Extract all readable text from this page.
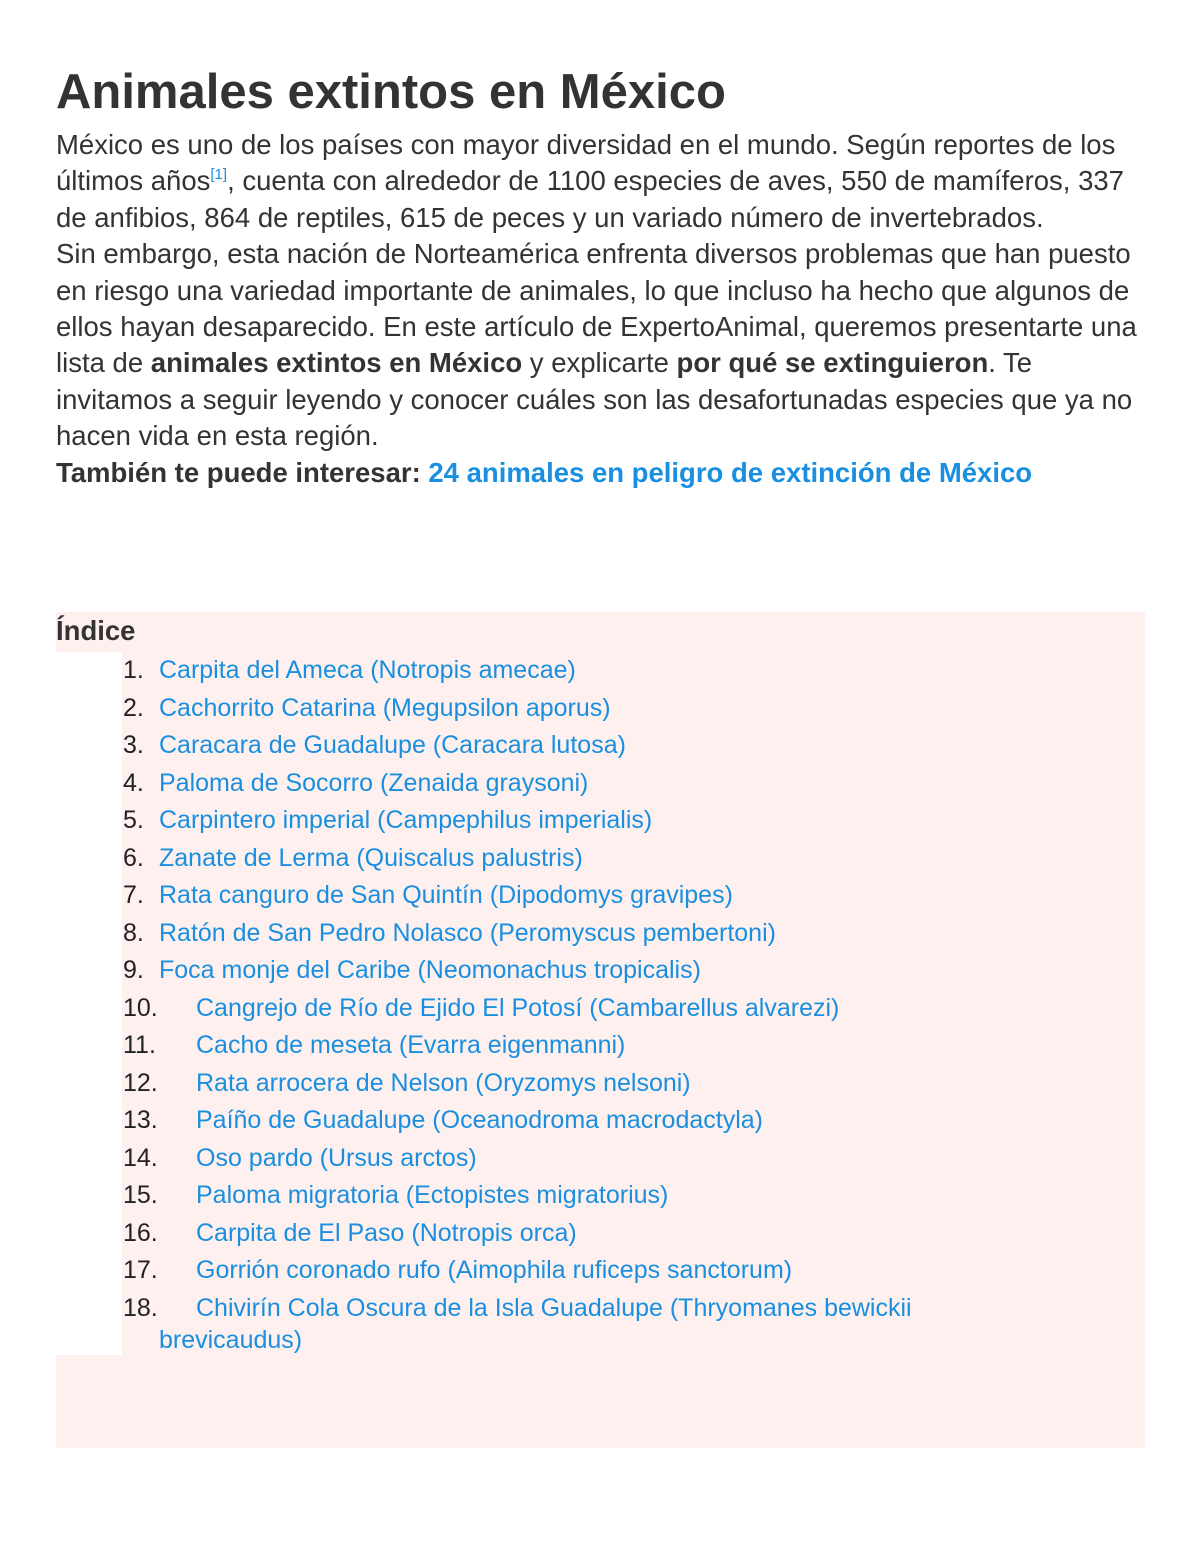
Animales extintos en México

México es uno de los países con mayor diversidad en el mundo. Según reportes de los últimos años[1], cuenta con alrededor de 1100 especies de aves, 550 de mamíferos, 337 de anfibios, 864 de reptiles, 615 de peces y un variado número de invertebrados.

Sin embargo, esta nación de Norteamérica enfrenta diversos problemas que han puesto en riesgo una variedad importante de animales, lo que incluso ha hecho que algunos de ellos hayan desaparecido. En este artículo de ExpertoAnimal, queremos presentarte una lista de animales extintos en México y explicarte por qué se extinguieron. Te invitamos a seguir leyendo y conocer cuáles son las desafortunadas especies que ya no hacen vida en esta región.

También te puede interesar: 24 animales en peligro de extinción de México

Índice
1. Carpita del Ameca (Notropis amecae)
2. Cachorrito Catarina (Megupsilon aporus)
3. Caracara de Guadalupe (Caracara lutosa)
4. Paloma de Socorro (Zenaida graysoni)
5. Carpintero imperial (Campephilus imperialis)
6. Zanate de Lerma (Quiscalus palustris)
7. Rata canguro de San Quintín (Dipodomys gravipes)
8. Ratón de San Pedro Nolasco (Peromyscus pembertoni)
9. Foca monje del Caribe (Neomonachus tropicalis)
10. Cangrejo de Río de Ejido El Potosí (Cambarellus alvarezi)
11. Cacho de meseta (Evarra eigenmanni)
12. Rata arrocera de Nelson (Oryzomys nelsoni)
13. Paíño de Guadalupe (Oceanodroma macrodactyla)
14. Oso pardo (Ursus arctos)
15. Paloma migratoria (Ectopistes migratorius)
16. Carpita de El Paso (Notropis orca)
17. Gorrión coronado rufo (Aimophila ruficeps sanctorum)
18.	Chivirín Cola Oscura de la Isla Guadalupe (Thryomanes bewickii brevicaudus)
